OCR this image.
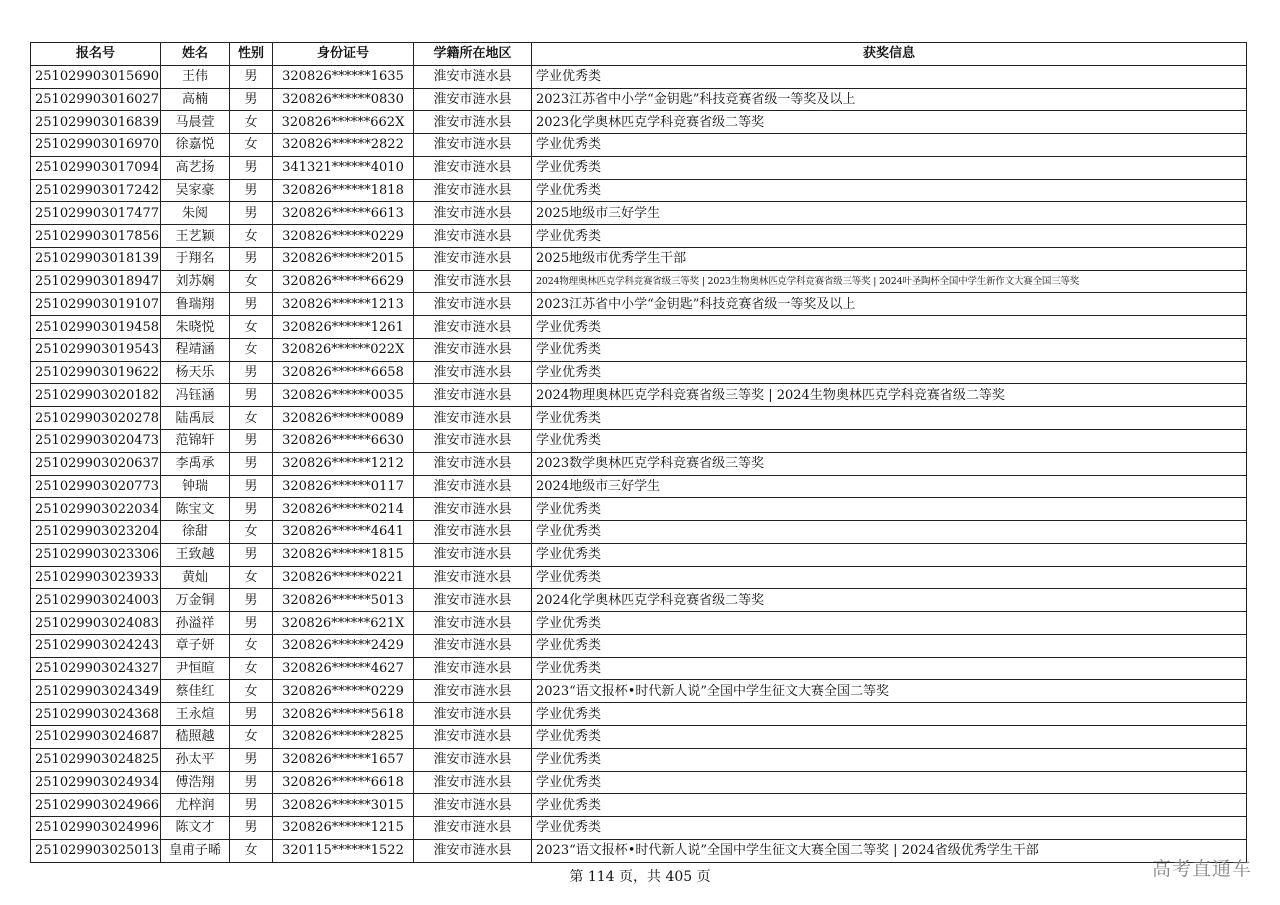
报名号	姓名	性别	身份证号	学籍所在地区	获奖信息
251029903015690	王伟	男	320826******1635	淮安市涟水县	学业优秀类
251029903016027	高楠	男	320826******0830	淮安市涟水县	2023江苏省中小学“金钥匙”科技竞赛省级一等奖及以上
251029903016839	马晨萱	女	320826******662X	淮安市涟水县	2023化学奥林匹克学科竞赛省级二等奖
251029903016970	徐嘉悦	女	320826******2822	淮安市涟水县	学业优秀类
251029903017094	高艺扬	男	341321******4010	淮安市涟水县	学业优秀类
251029903017242	吴家豪	男	320826******1818	淮安市涟水县	学业优秀类
251029903017477	朱阅	男	320826******6613	淮安市涟水县	2025地级市三好学生
251029903017856	王艺颖	女	320826******0229	淮安市涟水县	学业优秀类
251029903018139	于翔名	男	320826******2015	淮安市涟水县	2025地级市优秀学生干部
251029903018947	刘苏娴	女	320826******6629	淮安市涟水县	2024物理奥林匹克学科竞赛省级三等奖 | 2023生物奥林匹克学科竞赛省级三等奖 | 2024叶圣陶杯全国中学生新作文大赛全国三等奖
251029903019107	鲁瑞翔	男	320826******1213	淮安市涟水县	2023江苏省中小学“金钥匙”科技竞赛省级一等奖及以上
251029903019458	朱晓悦	女	320826******1261	淮安市涟水县	学业优秀类
251029903019543	程靖涵	女	320826******022X	淮安市涟水县	学业优秀类
251029903019622	杨天乐	男	320826******6658	淮安市涟水县	学业优秀类
251029903020182	冯钰涵	男	320826******0035	淮安市涟水县	2024物理奥林匹克学科竞赛省级三等奖 | 2024生物奥林匹克学科竞赛省级二等奖
251029903020278	陆禹辰	女	320826******0089	淮安市涟水县	学业优秀类
251029903020473	范锦轩	男	320826******6630	淮安市涟水县	学业优秀类
251029903020637	李禹承	男	320826******1212	淮安市涟水县	2023数学奥林匹克学科竞赛省级三等奖
251029903020773	钟瑞	男	320826******0117	淮安市涟水县	2024地级市三好学生
251029903022034	陈宝文	男	320826******0214	淮安市涟水县	学业优秀类
251029903023204	徐甜	女	320826******4641	淮安市涟水县	学业优秀类
251029903023306	王致越	男	320826******1815	淮安市涟水县	学业优秀类
251029903023933	黄灿	女	320826******0221	淮安市涟水县	学业优秀类
251029903024003	万金铜	男	320826******5013	淮安市涟水县	2024化学奥林匹克学科竞赛省级二等奖
251029903024083	孙溢祥	男	320826******621X	淮安市涟水县	学业优秀类
251029903024243	章子妍	女	320826******2429	淮安市涟水县	学业优秀类
251029903024327	尹恒暄	女	320826******4627	淮安市涟水县	学业优秀类
251029903024349	蔡佳红	女	320826******0229	淮安市涟水县	2023“语文报杯•时代新人说”全国中学生征文大赛全国二等奖
251029903024368	王永煊	男	320826******5618	淮安市涟水县	学业优秀类
251029903024687	嵇照越	女	320826******2825	淮安市涟水县	学业优秀类
251029903024825	孙太平	男	320826******1657	淮安市涟水县	学业优秀类
251029903024934	傅浩翔	男	320826******6618	淮安市涟水县	学业优秀类
251029903024966	尤梓润	男	320826******3015	淮安市涟水县	学业优秀类
251029903024996	陈文才	男	320826******1215	淮安市涟水县	学业优秀类
251029903025013	皇甫子晞	女	320115******1522	淮安市涟水县	2023“语文报杯•时代新人说”全国中学生征文大赛全国二等奖 | 2024省级优秀学生干部
第 114 页，共 405 页	高考直通车
